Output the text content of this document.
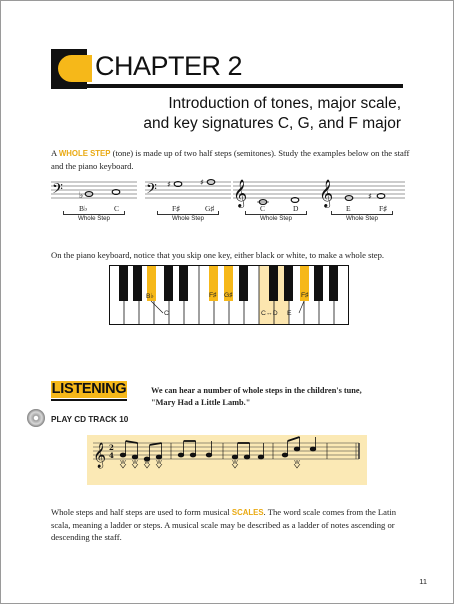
CHAPTER 2
Introduction of tones, major scale,
and key signatures C, G, and F major
A WHOLE STEP (tone) is made up of two half steps (semitones). Study the examples below on the staff and the piano keyboard.
𝄢 ♭
B♭	C
Whole Step
𝄢 ♯	♯
F♯	G♯
Whole Step
𝄞
C	D
Whole Step
𝄞	♯
E	F♯
Whole Step
On the piano keyboard, notice that you skip one key, either black or white, to make a whole step.
B♭
C
F♯ G♯
C↔D E
F♯
LISTENING	We can hear a number of whole steps in the children's tune,
"Mary Had a Little Lamb."
PLAY CD TRACK 10
𝄞 2
4
W	W	W	W	W	W
Whole steps and half steps are used to form musical SCALES. The word scale comes from the Latin scala, meaning a ladder or steps. A musical scale may be described as a ladder of notes ascending or descending the staff.
11
